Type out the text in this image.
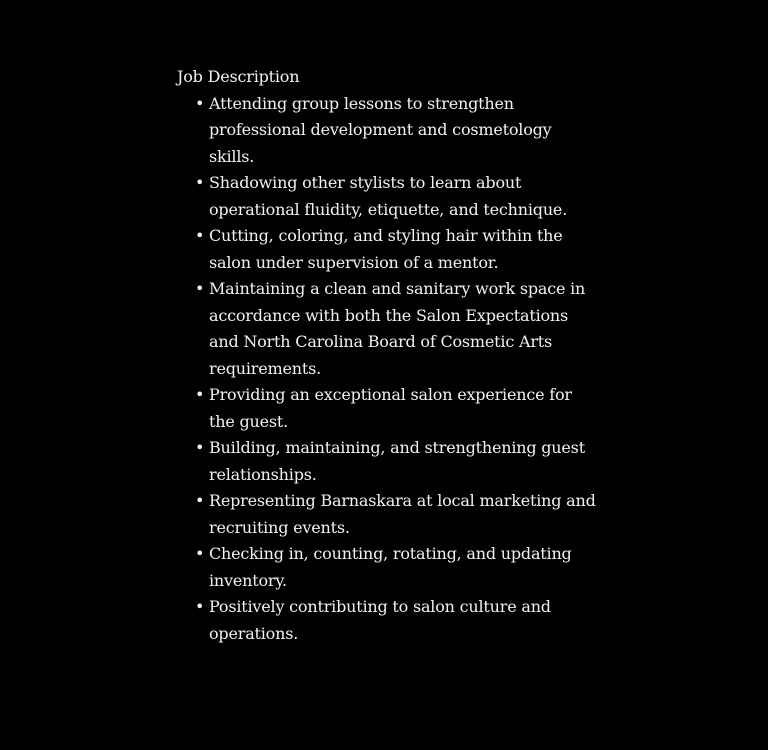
Job Description
• Attending group lessons to strengthen professional development and cosmetology skills.
• Shadowing other stylists to learn about operational fluidity, etiquette, and technique.
• Cutting, coloring, and styling hair within the salon under supervision of a mentor.
• Maintaining a clean and sanitary work space in accordance with both the Salon Expectations and North Carolina Board of Cosmetic Arts requirements.
• Providing an exceptional salon experience for the guest.
• Building, maintaining, and strengthening guest relationships.
• Representing Barnaskara at local marketing and recruiting events.
• Checking in, counting, rotating, and updating inventory.
• Positively contributing to salon culture and operations.
